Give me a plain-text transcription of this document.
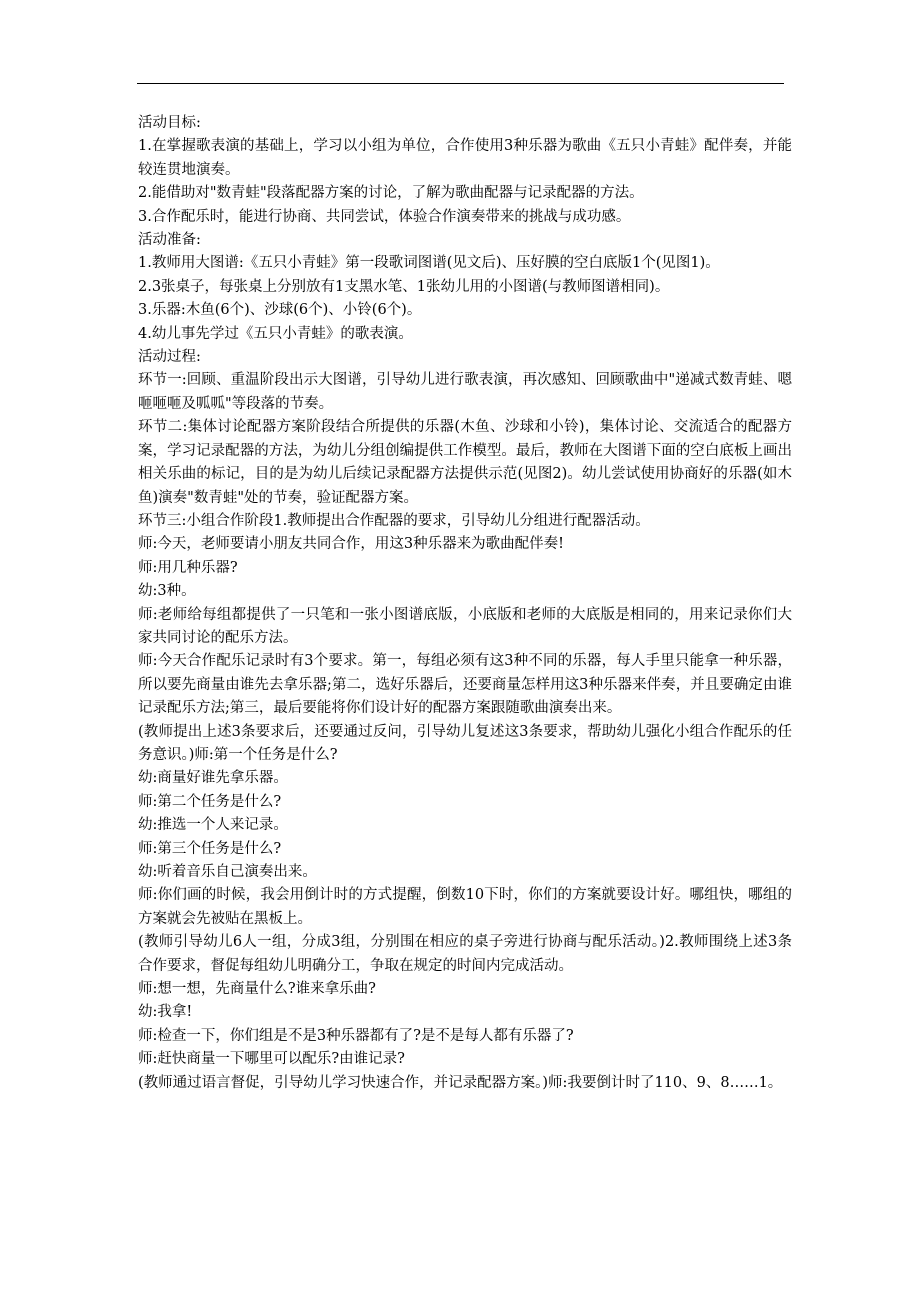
活动目标:

1.在掌握歌表演的基础上，学习以小组为单位，合作使用3种乐器为歌曲《五只小青蛙》配伴奏，并能较连贯地演奏。

2.能借助对"数青蛙"段落配器方案的讨论，了解为歌曲配器与记录配器的方法。

3.合作配乐时，能进行协商、共同尝试，体验合作演奏带来的挑战与成功感。

活动准备:

1.教师用大图谱:《五只小青蛙》第一段歌词图谱(见文后)、压好膜的空白底版1个(见图1)。

2.3张桌子，每张桌上分别放有1支黑水笔、1张幼儿用的小图谱(与教师图谱相同)。

3.乐器:木鱼(6个)、沙球(6个)、小铃(6个)。

4.幼儿事先学过《五只小青蛙》的歌表演。

活动过程:

环节一:回顾、重温阶段出示大图谱，引导幼儿进行歌表演，再次感知、回顾歌曲中"递减式数青蛙、嗯咂咂咂及呱呱"等段落的节奏。

环节二:集体讨论配器方案阶段结合所提供的乐器(木鱼、沙球和小铃)，集体讨论、交流适合的配器方案，学习记录配器的方法，为幼儿分组创编提供工作模型。最后，教师在大图谱下面的空白底板上画出相关乐曲的标记，目的是为幼儿后续记录配器方法提供示范(见图2)。幼儿尝试使用协商好的乐器(如木鱼)演奏"数青蛙"处的节奏，验证配器方案。

环节三:小组合作阶段1.教师提出合作配器的要求，引导幼儿分组进行配器活动。

师:今天，老师要请小朋友共同合作，用这3种乐器来为歌曲配伴奏!

师:用几种乐器?

幼:3种。

师:老师给每组都提供了一只笔和一张小图谱底版，小底版和老师的大底版是相同的，用来记录你们大家共同讨论的配乐方法。

师:今天合作配乐记录时有3个要求。第一，每组必须有这3种不同的乐器，每人手里只能拿一种乐器，所以要先商量由谁先去拿乐器;第二，选好乐器后，还要商量怎样用这3种乐器来伴奏，并且要确定由谁记录配乐方法;第三，最后要能将你们设计好的配器方案跟随歌曲演奏出来。

(教师提出上述3条要求后，还要通过反问，引导幼儿复述这3条要求，帮助幼儿强化小组合作配乐的任务意识。)师:第一个任务是什么?

幼:商量好谁先拿乐器。

师:第二个任务是什么?

幼:推选一个人来记录。

师:第三个任务是什么?

幼:听着音乐自己演奏出来。

师:你们画的时候，我会用倒计时的方式提醒，倒数10下时，你们的方案就要设计好。哪组快，哪组的方案就会先被贴在黑板上。

(教师引导幼儿6人一组，分成3组，分别围在相应的桌子旁进行协商与配乐活动。)2.教师围绕上述3条合作要求，督促每组幼儿明确分工，争取在规定的时间内完成活动。

师:想一想，先商量什么?谁来拿乐曲?

幼:我拿!

师:检查一下，你们组是不是3种乐器都有了?是不是每人都有乐器了?

师:赶快商量一下哪里可以配乐?由谁记录?

(教师通过语言督促，引导幼儿学习快速合作，并记录配器方案。)师:我要倒计时了110、9、8……1。
